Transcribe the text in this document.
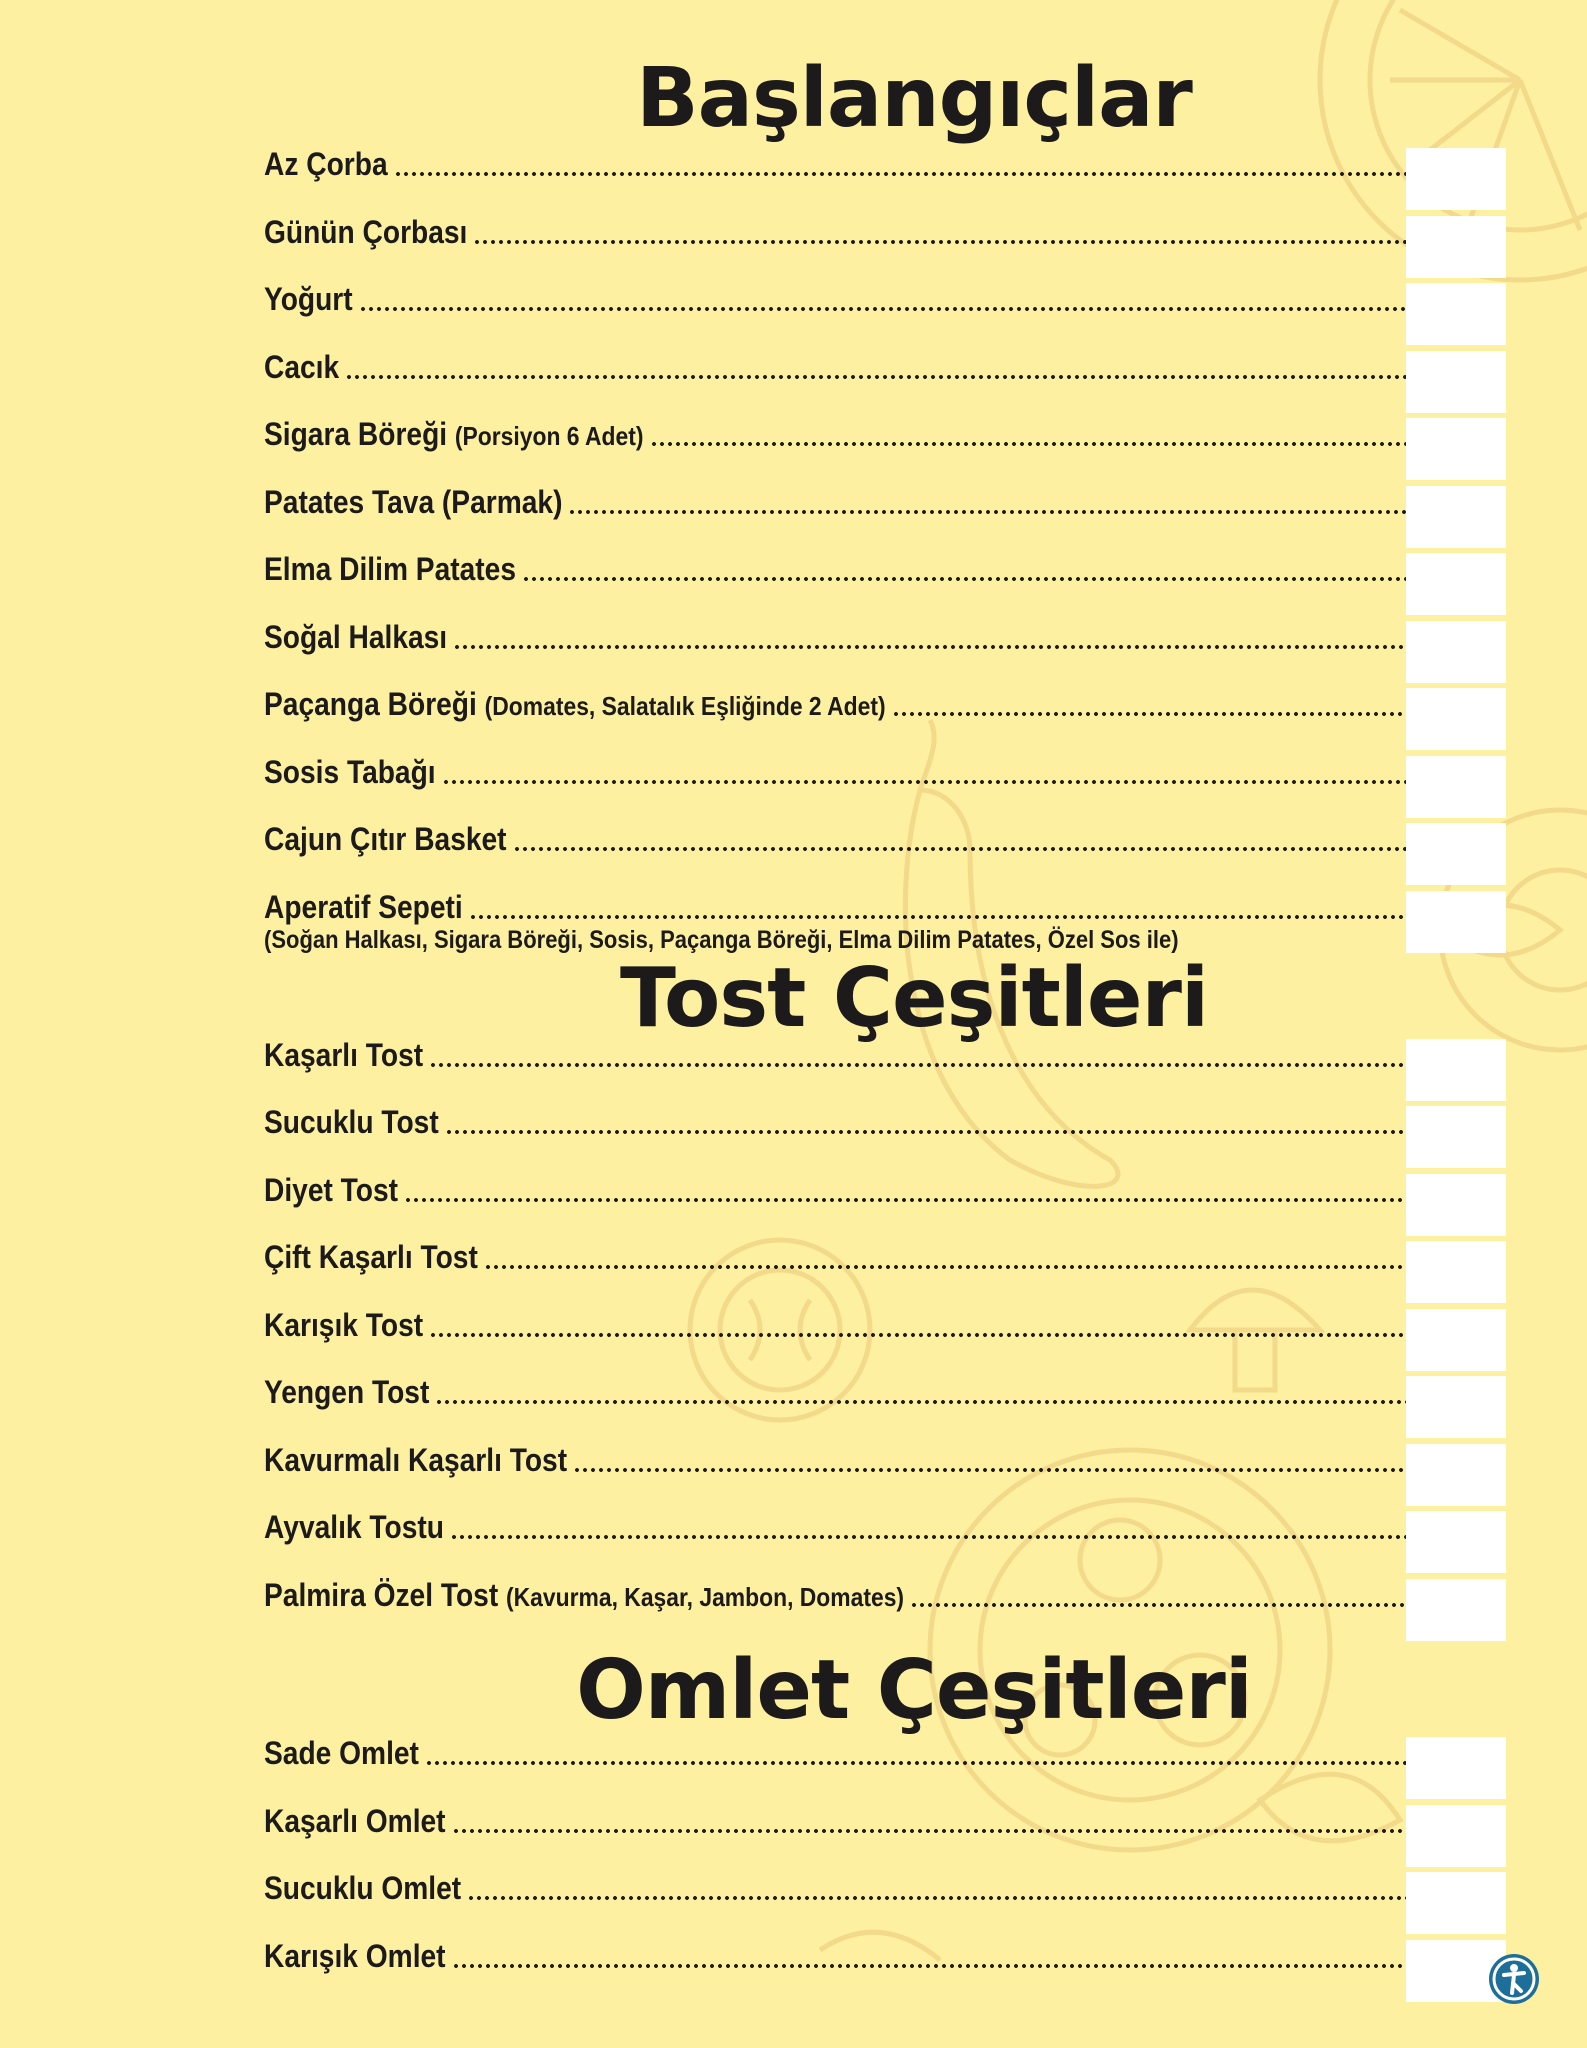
Başlangıçlar
Az Çorba
Günün Çorbası
Yoğurt
Cacık
Sigara Böreği (Porsiyon 6 Adet)
Patates Tava (Parmak)
Elma Dilim Patates
Soğal Halkası
Paçanga Böreği (Domates, Salatalık Eşliğinde 2 Adet)
Sosis Tabağı
Cajun Çıtır Basket
Aperatif Sepeti

(Soğan Halkası, Sigara Böreği, Sosis, Paçanga Böreği, Elma Dilim Patates, Özel Sos ile)

Tost Çeşitleri
Kaşarlı Tost
Sucuklu Tost
Diyet Tost
Çift Kaşarlı Tost
Karışık Tost
Yengen Tost
Kavurmalı Kaşarlı Tost
Ayvalık Tostu
Palmira Özel Tost (Kavurma, Kaşar, Jambon, Domates)
Omlet Çeşitleri
Sade Omlet
Kaşarlı Omlet
Sucuklu Omlet
Karışık Omlet
